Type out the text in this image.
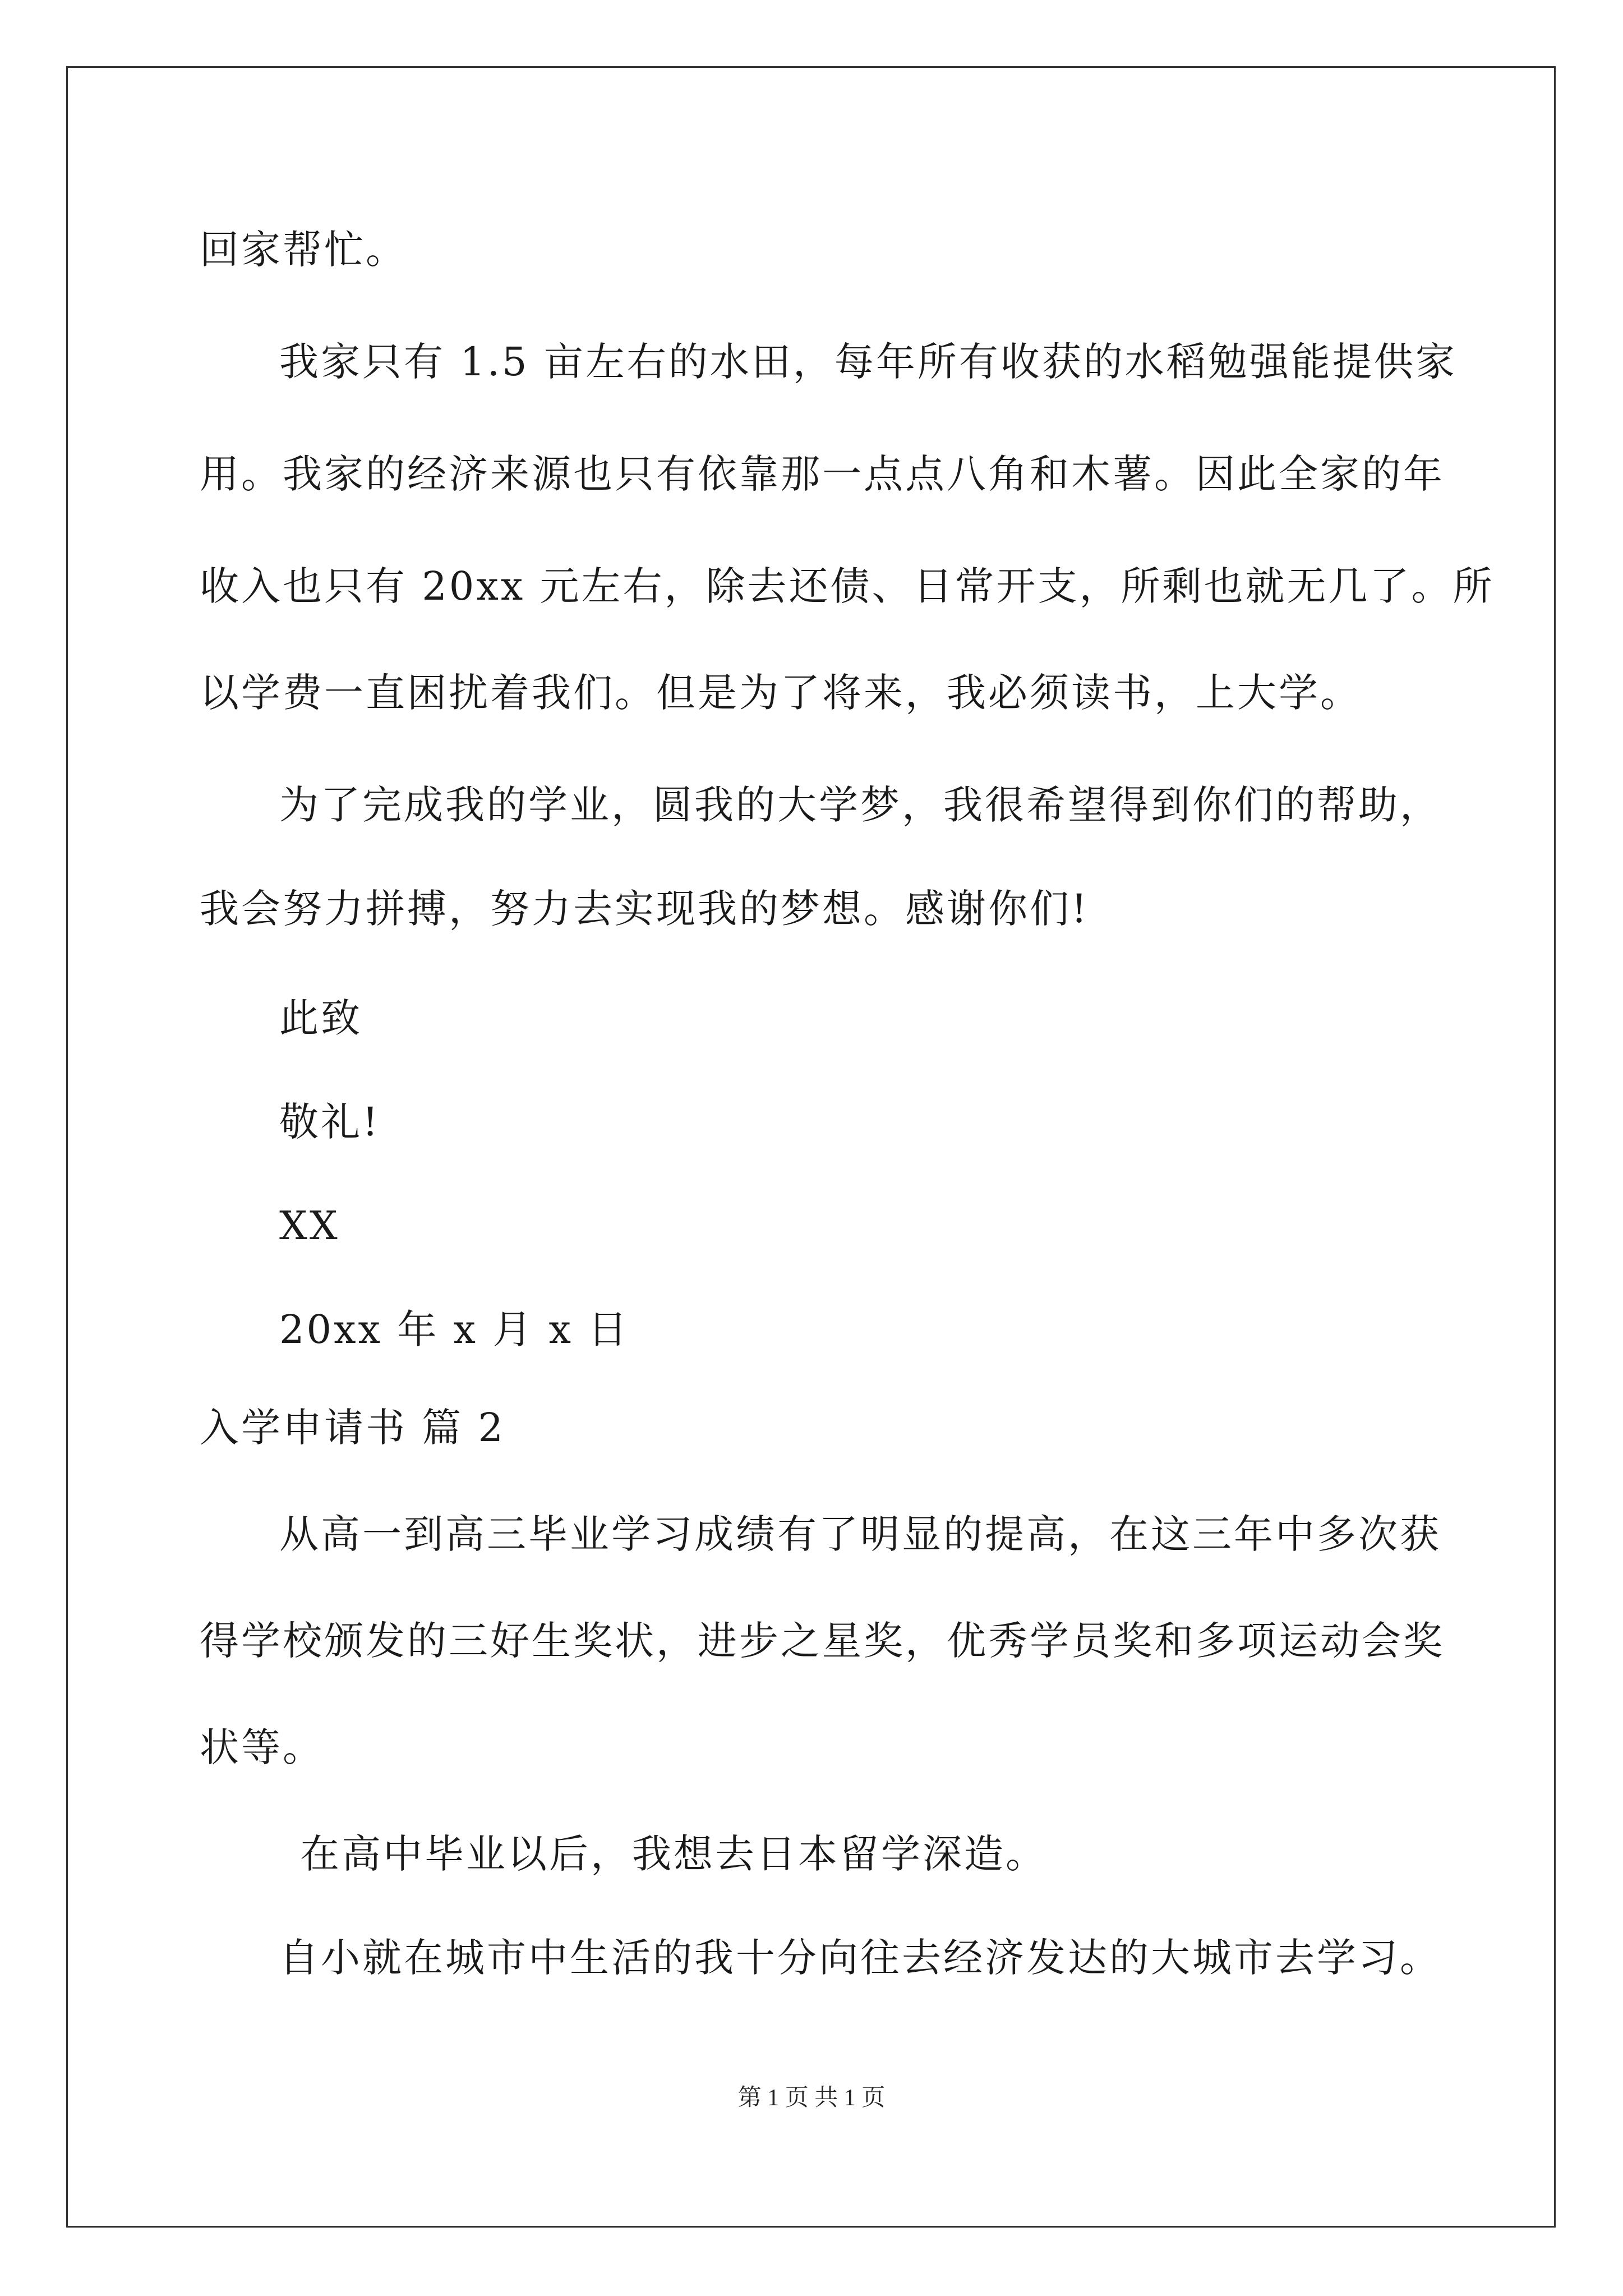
回家帮忙。
我家只有 1.5 亩左右的水田，每年所有收获的水稻勉强能提供家
用。我家的经济来源也只有依靠那一点点八角和木薯。因此全家的年
收入也只有 20xx 元左右，除去还债、日常开支，所剩也就无几了。所
以学费一直困扰着我们。但是为了将来，我必须读书，上大学。
为了完成我的学业，圆我的大学梦，我很希望得到你们的帮助，
我会努力拼搏，努力去实现我的梦想。感谢你们!
此致
敬礼!
XX
20xx 年 x 月 x 日
入学申请书 篇 2
从高一到高三毕业学习成绩有了明显的提高，在这三年中多次获
得学校颁发的三好生奖状，进步之星奖，优秀学员奖和多项运动会奖
状等。
在高中毕业以后，我想去日本留学深造。
自小就在城市中生活的我十分向往去经济发达的大城市去学习。
第 1 页 共 1 页
